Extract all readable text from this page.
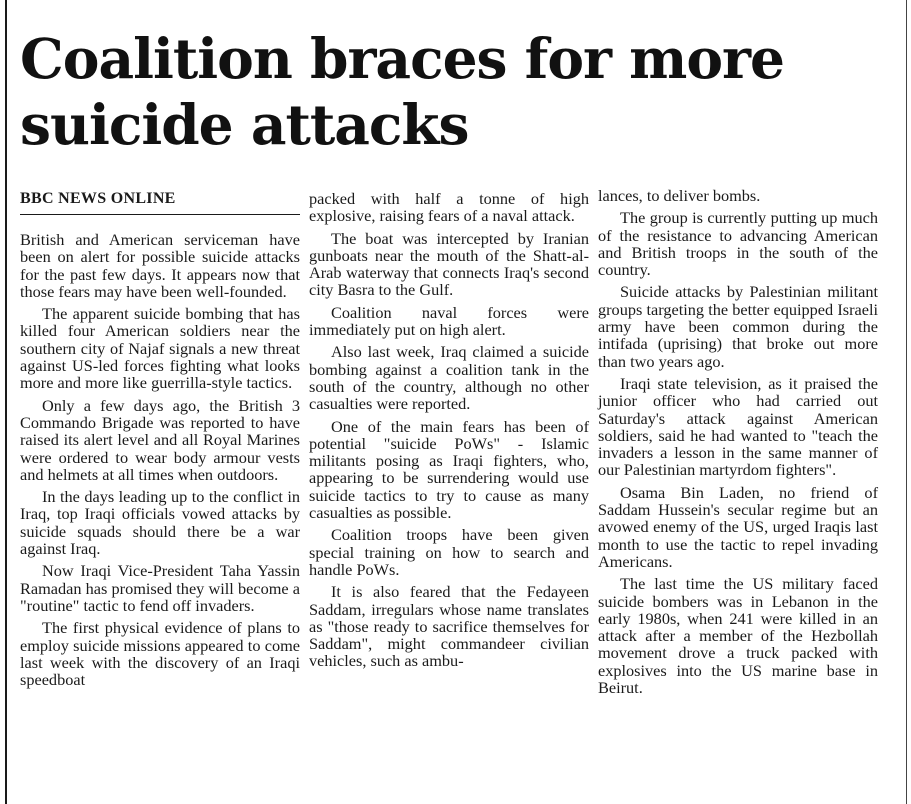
Coalition braces for more suicide attacks
BBC NEWS ONLINE

British and American serviceman have been on alert for possible suicide attacks for the past few days. It appears now that those fears may have been well-founded.

The apparent suicide bombing that has killed four American soldiers near the southern city of Najaf signals a new threat against US-led forces fighting what looks more and more like guerrilla-style tactics.

Only a few days ago, the British 3 Commando Brigade was reported to have raised its alert level and all Royal Marines were ordered to wear body armour vests and helmets at all times when outdoors.

In the days leading up to the conflict in Iraq, top Iraqi officials vowed attacks by suicide squads should there be a war against Iraq.

Now Iraqi Vice-President Taha Yassin Ramadan has promised they will become a "routine" tactic to fend off invaders.

The first physical evidence of plans to employ suicide missions appeared to come last week with the discovery of an Iraqi speedboat

packed with half a tonne of high explosive, raising fears of a naval attack.

The boat was intercepted by Iranian gunboats near the mouth of the Shatt-al-Arab waterway that connects Iraq's second city Basra to the Gulf.

Coalition naval forces were immediately put on high alert.

Also last week, Iraq claimed a suicide bombing against a coalition tank in the south of the country, although no other casualties were reported.

One of the main fears has been of potential "suicide PoWs" - Islamic militants posing as Iraqi fighters, who, appearing to be surrendering would use suicide tactics to try to cause as many casualties as possible.

Coalition troops have been given special training on how to search and handle PoWs.

It is also feared that the Fedayeen Saddam, irregulars whose name translates as "those ready to sacrifice themselves for Saddam", might commandeer civilian vehicles, such as ambu-

lances, to deliver bombs.

The group is currently putting up much of the resistance to advancing American and British troops in the south of the country.

Suicide attacks by Palestinian militant groups targeting the better equipped Israeli army have been common during the intifada (uprising) that broke out more than two years ago.

Iraqi state television, as it praised the junior officer who had carried out Saturday's attack against American soldiers, said he had wanted to "teach the invaders a lesson in the same manner of our Palestinian martyrdom fighters".

Osama Bin Laden, no friend of Saddam Hussein's secular regime but an avowed enemy of the US, urged Iraqis last month to use the tactic to repel invading Americans.

The last time the US military faced suicide bombers was in Lebanon in the early 1980s, when 241 were killed in an attack after a member of the Hezbollah movement drove a truck packed with explosives into the US marine base in Beirut.
